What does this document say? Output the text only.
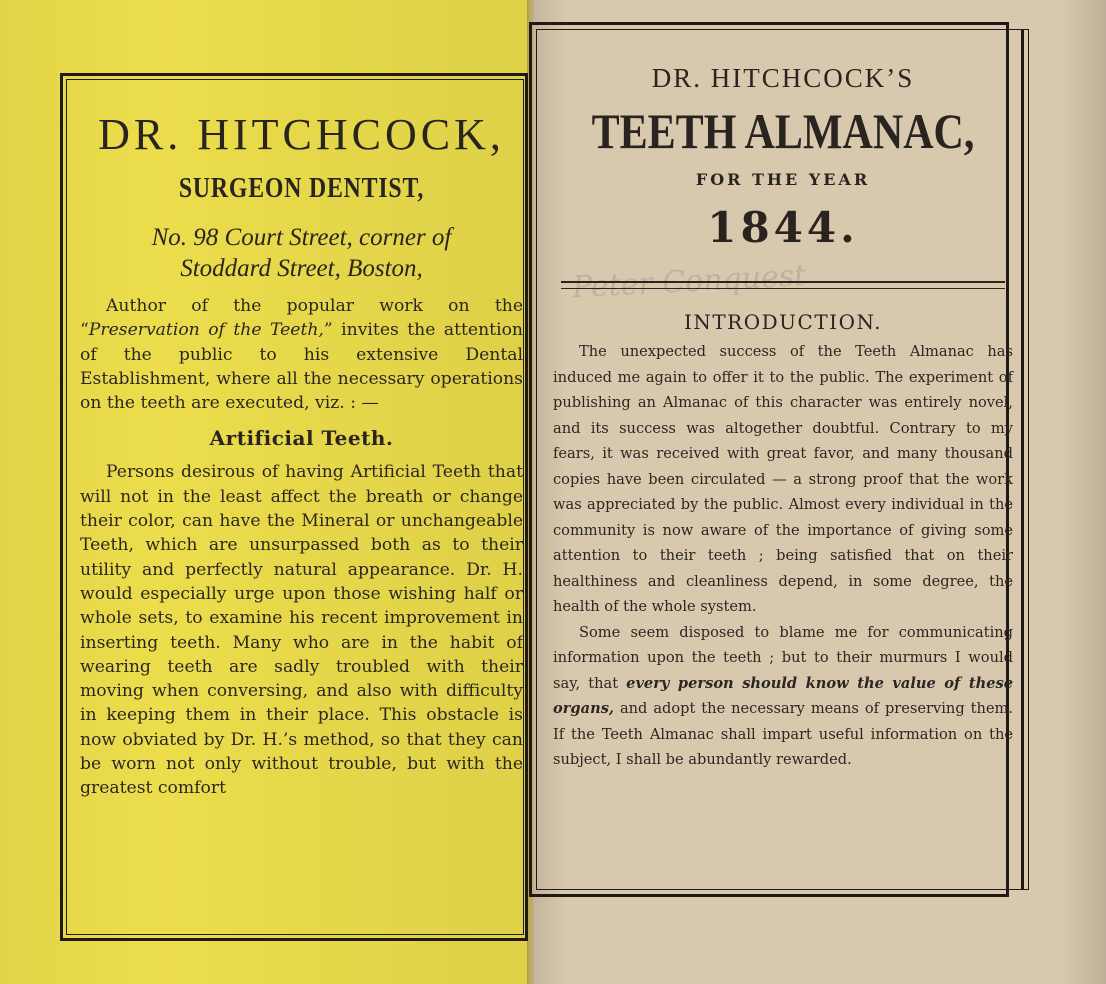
DR. HITCHCOCK,
SURGEON DENTIST,
No. 98 Court Street, corner of
Stoddard Street, Boston,

Author of the popular work on the “Preservation of the Teeth,” invites the attention of the public to his extensive Dental Establishment, where all the necessary operations on the teeth are executed, viz. : —

Artificial Teeth.

Persons desirous of having Artificial Teeth that will not in the least affect the breath or change their color, can have the Mineral or unchangeable Teeth, which are unsurpassed both as to their utility and perfectly natural appearance. Dr. H. would especially urge upon those wishing half or whole sets, to examine his recent improvement in inserting teeth. Many who are in the habit of wearing teeth are sadly troubled with their moving when conversing, and also with difficulty in keeping them in their place. This obstacle is now obviated by Dr. H.’s method, so that they can be worn not only without trouble, but with the greatest comfort

DR. HITCHCOCK’S
TEETH ALMANAC,
FOR THE YEAR
1844.
INTRODUCTION.

The unexpected success of the Teeth Almanac has induced me again to offer it to the public. The experiment of publishing an Almanac of this character was entirely novel, and its success was altogether doubtful. Contrary to my fears, it was received with great favor, and many thousand copies have been circulated — a strong proof that the work was appreciated by the public. Almost every individual in the community is now aware of the importance of giving some attention to their teeth ; being satisfied that on their healthiness and cleanliness depend, in some degree, the health of the whole system.

Some seem disposed to blame me for communicating information upon the teeth ; but to their murmurs I would say, that every person should know the value of these organs, and adopt the necessary means of preserving them. If the Teeth Almanac shall impart useful information on the subject, I shall be abundantly rewarded.
